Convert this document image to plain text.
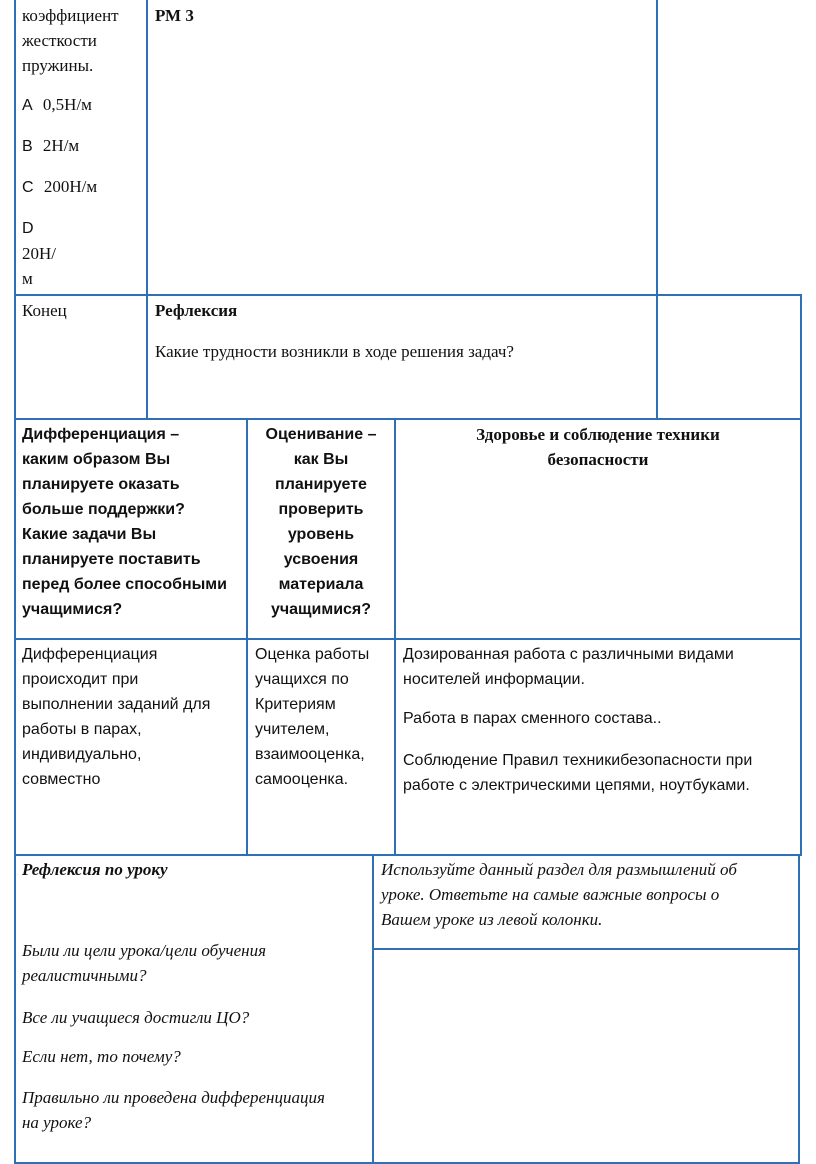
коэффициент
жесткости
пружины.
A 0,5Н/м
B 2Н/м
C 200Н/м
D
20Н/
м
РМ 3
Конец	Рефлексия
Какие трудности возникли в ходе решения задач?
Дифференциация –
каким образом Вы
планируете оказать
больше поддержки?
Какие задачи Вы
планируете поставить
перед более способными
учащимися?
Оценивание –
как Вы
планируете
проверить
уровень
усвоения
материала
учащимися?
Здоровье и соблюдение техники
безопасности
Дифференциация
происходит при
выполнении заданий для
работы в парах,
индивидуально,
совместно
Оценка работы
учащихся по
Критериям
учителем,
взаимооценка,
самооценка.
Дозированная работа с различными видами
носителей информации.
Работа в парах сменного состава..
Соблюдение Правил техникибезопасности при
работе с электрическими цепями, ноутбуками.
Рефлексия по уроку
Были ли цели урока/цели обучения
реалистичными?
Все ли учащиеся достигли ЦО?
Если нет, то почему?
Правильно ли проведена дифференциация
на уроке?
Используйте данный раздел для размышлений об
уроке. Ответьте на самые важные вопросы о
Вашем уроке из левой колонки.
